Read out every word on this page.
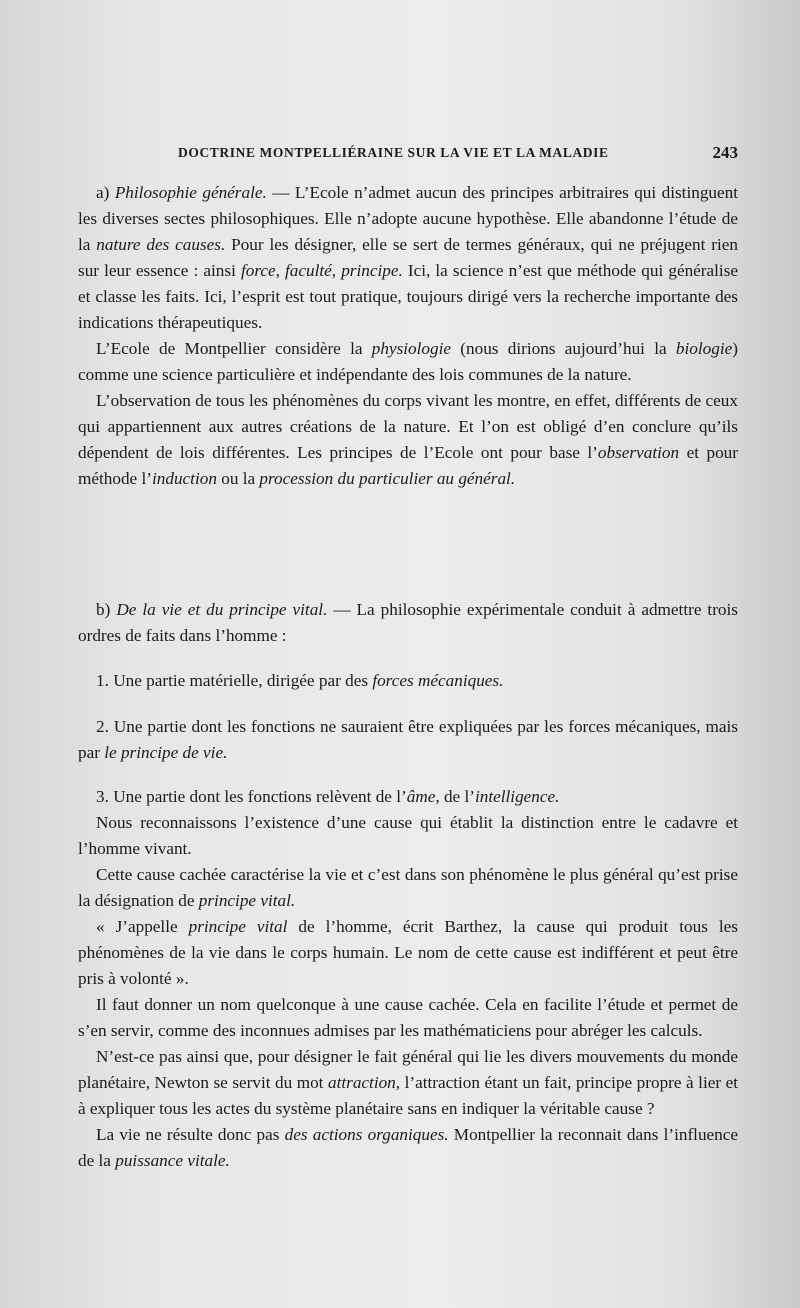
DOCTRINE MONTPELLIÉRAINE SUR LA VIE ET LA MALADIE	243

a) Philosophie générale. — L’Ecole n’admet aucun des principes arbitraires qui distinguent les diverses sectes philosophiques. Elle n’adopte aucune hypothèse. Elle abandonne l’étude de la nature des causes. Pour les désigner, elle se sert de termes généraux, qui ne préjugent rien sur leur essence : ainsi force, faculté, principe. Ici, la science n’est que méthode qui généralise et classe les faits. Ici, l’esprit est tout pratique, toujours dirigé vers la recherche importante des indications thérapeutiques.

L’Ecole de Montpellier considère la physiologie (nous dirions aujourd’hui la biologie) comme une science particulière et indépendante des lois communes de la nature.

L’observation de tous les phénomènes du corps vivant les montre, en effet, différents de ceux qui appartiennent aux autres créations de la nature. Et l’on est obligé d’en conclure qu’ils dépendent de lois différentes. Les principes de l’Ecole ont pour base l’observation et pour méthode l’induction ou la procession du particulier au général.

b) De la vie et du principe vital. — La philosophie expérimentale conduit à admettre trois ordres de faits dans l’homme :

1. Une partie matérielle, dirigée par des forces mécaniques.

2. Une partie dont les fonctions ne sauraient être expliquées par les forces mécaniques, mais par le principe de vie.

3. Une partie dont les fonctions relèvent de l’âme, de l’intelligence.

Nous reconnaissons l’existence d’une cause qui établit la distinction entre le cadavre et l’homme vivant.

Cette cause cachée caractérise la vie et c’est dans son phénomène le plus général qu’est prise la désignation de principe vital.

« J’appelle principe vital de l’homme, écrit Barthez, la cause qui produit tous les phénomènes de la vie dans le corps humain. Le nom de cette cause est indifférent et peut être pris à volonté ».

Il faut donner un nom quelconque à une cause cachée. Cela en facilite l’étude et permet de s’en servir, comme des inconnues admises par les mathématiciens pour abréger les calculs.

N’est-ce pas ainsi que, pour désigner le fait général qui lie les divers mouvements du monde planétaire, Newton se servit du mot attraction, l’attraction étant un fait, principe propre à lier et à expliquer tous les actes du système planétaire sans en indiquer la véritable cause ?

La vie ne résulte donc pas des actions organiques. Montpellier la reconnait dans l’influence de la puissance vitale.
